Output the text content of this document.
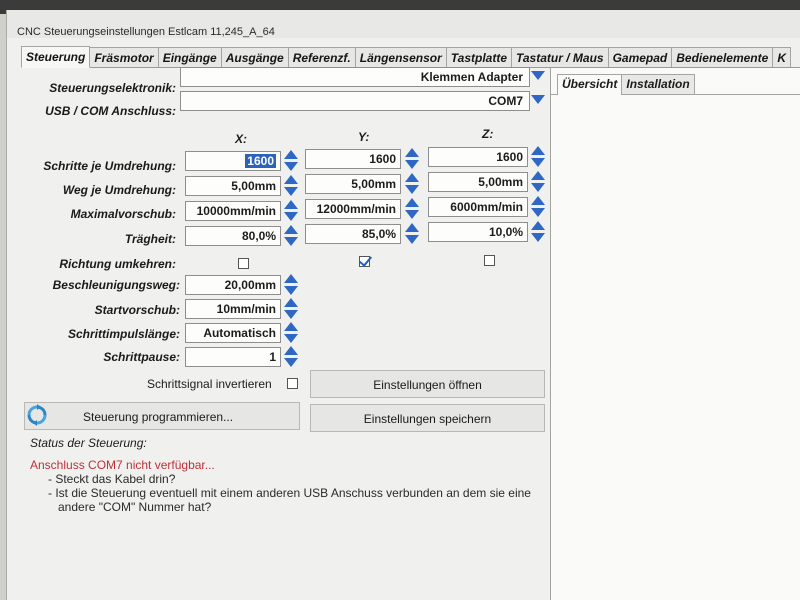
CNC Steuerungseinstellungen Estlcam 11,245_A_64
Steuerung Fräsmotor Eingänge Ausgänge Referenzf. Längensensor Tastplatte Tastatur / Maus Gamepad Bedienelemente K
Übersicht Installation
Steuerungselektronik:
Klemmen Adapter
USB / COM Anschluss:
COM7
X:	Y:	Z:
Schritte je Umdrehung:	1600	1600	1600
Weg je Umdrehung:	5,00mm	5,00mm	5,00mm
Maximalvorschub:	10000mm/min	12000mm/min	6000mm/min
Trägheit:	80,0%	85,0%	10,0%
Richtung umkehren:
Beschleunigungsweg:	20,00mm
Startvorschub:	10mm/min
Schrittimpulslänge:	Automatisch
Schrittpause:	1
Schrittsignal invertieren	Einstellungen öffnen
Einstellungen speichern
Steuerung programmieren...
Status der Steuerung:
Anschluss COM7 nicht verfügbar...
- Steckt das Kabel drin?
- Ist die Steuerung eventuell mit einem anderen USB Anschuss verbunden an dem sie eine
andere "COM" Nummer hat?
